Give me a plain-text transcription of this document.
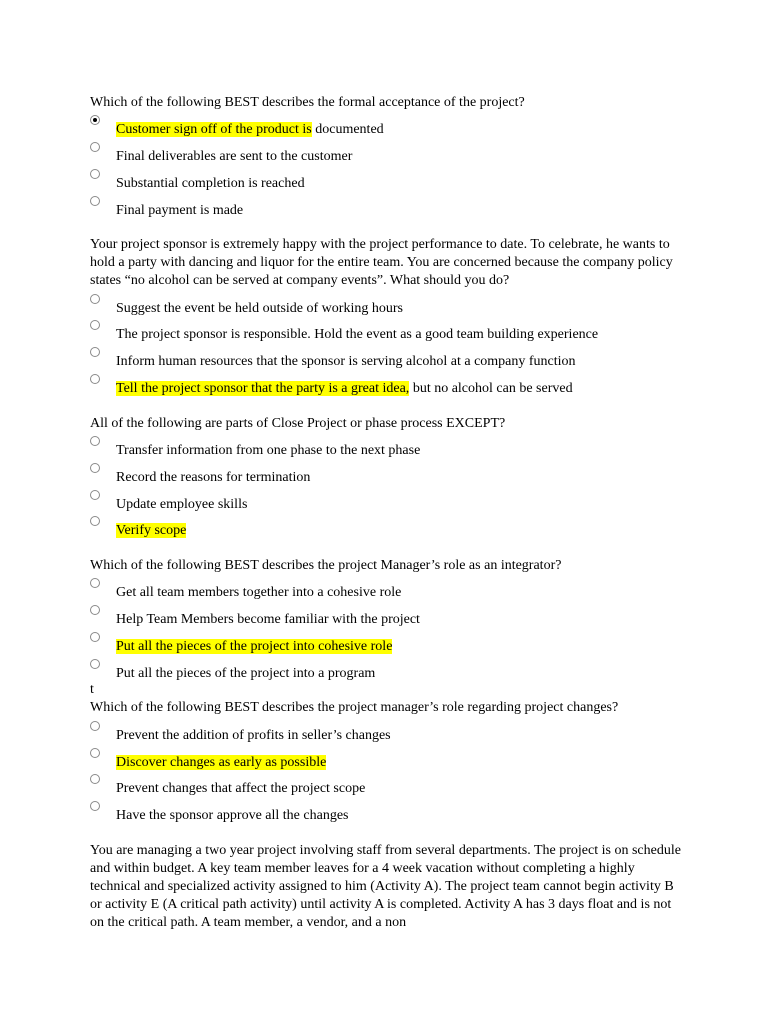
Which of the following BEST describes the formal acceptance of the project?

Customer sign off of the product is documented
Final deliverables are sent to the customer
Substantial completion is reached
Final payment is made

Your project sponsor is extremely happy with the project performance to date. To celebrate, he wants to hold a party with dancing and liquor for the entire team. You are concerned because the company policy states “no alcohol can be served at company events”. What should you do?

Suggest the event be held outside of working hours
The project sponsor is responsible. Hold the event as a good team building experience
Inform human resources that the sponsor is serving alcohol at a company function
Tell the project sponsor that the party is a great idea, but no alcohol can be served

All of the following are parts of Close Project or phase process EXCEPT?

Transfer information from one phase to the next phase
Record the reasons for termination
Update employee skills
Verify scope

Which of the following BEST describes the project Manager’s role as an integrator?

Get all team members together into a cohesive role
Help Team Members become familiar with the project
Put all the pieces of the project into cohesive role
Put all the pieces of the project into a program
t

Which of the following BEST describes the project manager’s role regarding project changes?

Prevent the addition of profits in seller’s changes
Discover changes as early as possible
Prevent changes that affect the project scope
Have the sponsor approve all the changes

You are managing a two year project involving staff from several departments. The project is on schedule and within budget. A key team member leaves for a 4 week vacation without completing a highly technical and specialized activity assigned to him (Activity A). The project team cannot begin activity B or activity E (A critical path activity) until activity A is completed. Activity A has 3 days float and is not on the critical path. A team member, a vendor, and a non
